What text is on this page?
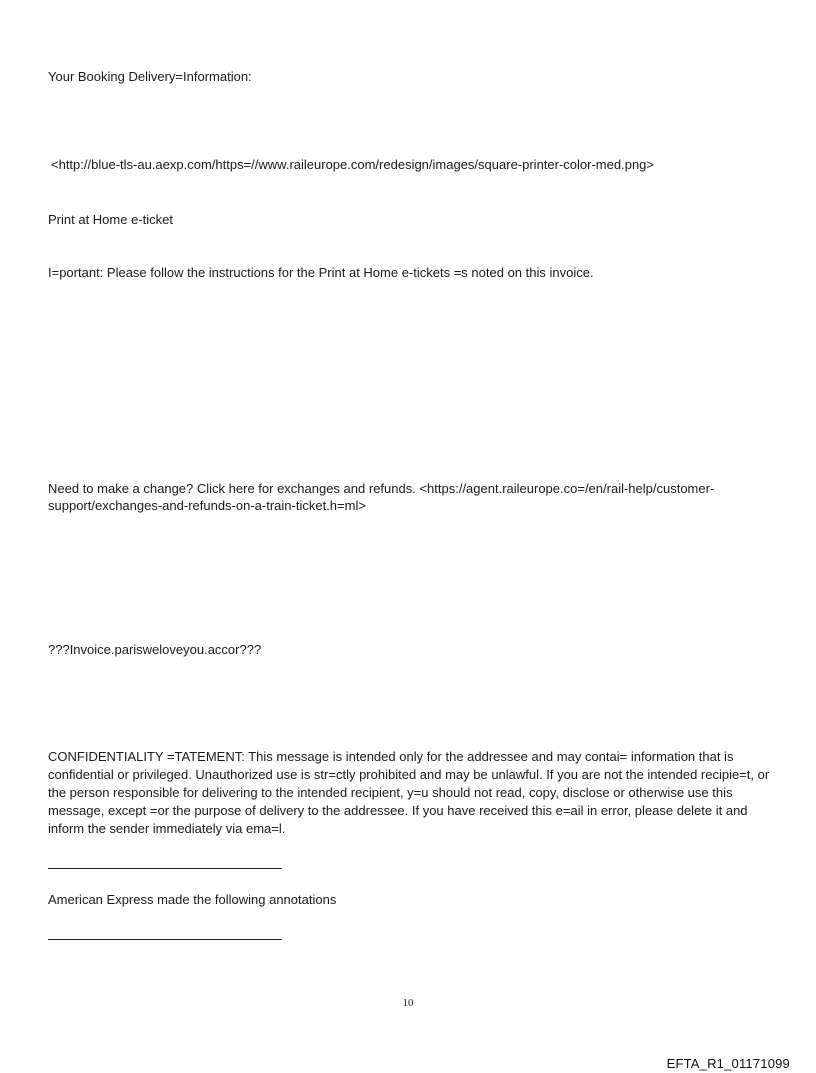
Your Booking Delivery=Information:
<http://blue-tls-au.aexp.com/https=//www.raileurope.com/redesign/images/square-printer-color-med.png>
Print at Home e-ticket
I=portant: Please follow the instructions for the Print at Home e-tickets =s noted on this invoice.
Need to make a change? Click here for exchanges and refunds. <https://agent.raileurope.co=/en/rail-help/customer-
support/exchanges-and-refunds-on-a-train-ticket.h=ml>
???Invoice.parisweloveyou.accor???
CONFIDENTIALITY =TATEMENT: This message is intended only for the addressee and may contai= information that is confidential or privileged. Unauthorized use is str=ctly prohibited and may be unlawful. If you are not the intended recipie=t, or the person responsible for delivering to the intended recipient, y=u should not read, copy, disclose or otherwise use this message, except =or the purpose of delivery to the addressee. If you have received this e=ail in error, please delete it and inform the sender immediately via ema=l.
American Express made the following annotations
10
EFTA_R1_01171099
